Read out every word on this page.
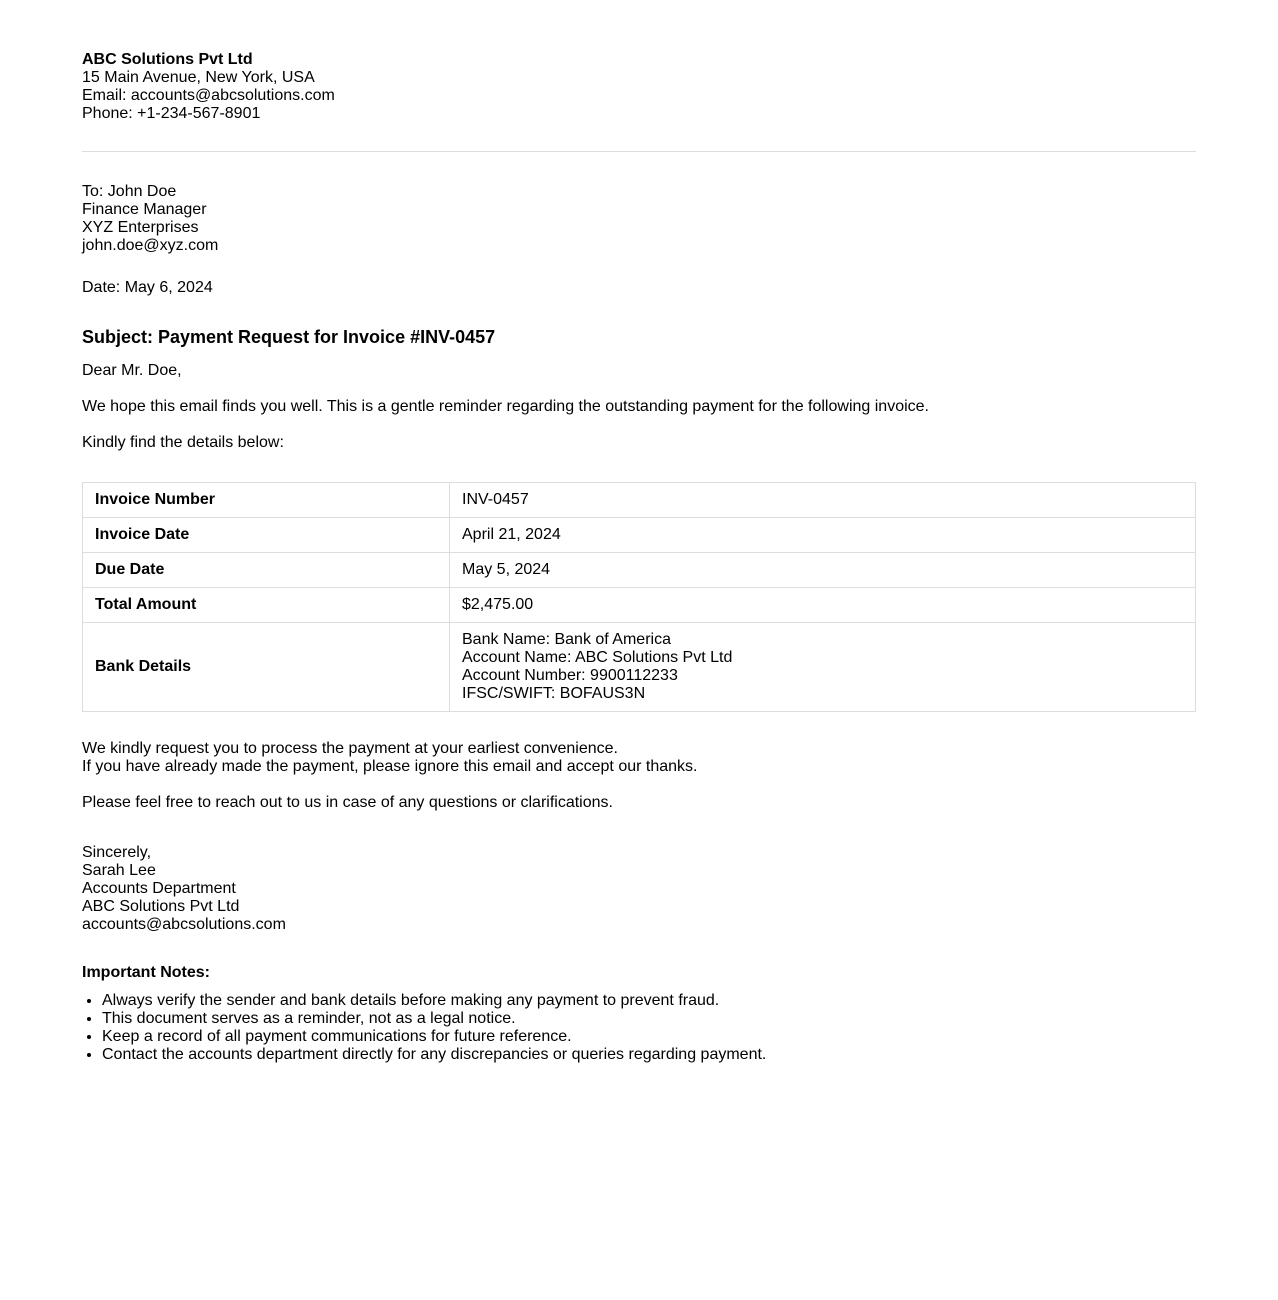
ABC Solutions Pvt Ltd
15 Main Avenue, New York, USA
Email: accounts@abcsolutions.com
Phone: +1-234-567-8901
To: John Doe
Finance Manager
XYZ Enterprises
john.doe@xyz.com
Date: May 6, 2024
Subject: Payment Request for Invoice #INV-0457
Dear Mr. Doe,
We hope this email finds you well. This is a gentle reminder regarding the outstanding payment for the following invoice.
Kindly find the details below:
Invoice Number	INV-0457
Invoice Date	April 21, 2024
Due Date	May 5, 2024
Total Amount	$2,475.00
Bank Details	Bank Name: Bank of America
Account Name: ABC Solutions Pvt Ltd
Account Number: 9900112233
IFSC/SWIFT: BOFAUS3N
We kindly request you to process the payment at your earliest convenience.
If you have already made the payment, please ignore this email and accept our thanks.
Please feel free to reach out to us in case of any questions or clarifications.
Sincerely,
Sarah Lee
Accounts Department
ABC Solutions Pvt Ltd
accounts@abcsolutions.com
Important Notes:
• Always verify the sender and bank details before making any payment to prevent fraud.
• This document serves as a reminder, not as a legal notice.
• Keep a record of all payment communications for future reference.
• Contact the accounts department directly for any discrepancies or queries regarding payment.
